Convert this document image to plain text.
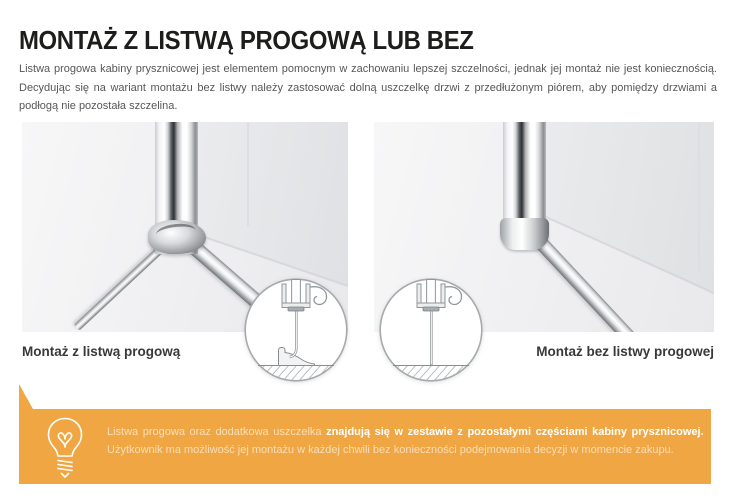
MONTAŻ Z LISTWĄ PROGOWĄ LUB BEZ

Listwa progowa kabiny prysznicowej jest elementem pomocnym w zachowaniu lepszej szczelności, jednak jej montaż nie jest koniecznością. Decydując się na wariant montażu bez listwy należy zastosować dolną uszczelkę drzwi z przedłużonym piórem, aby pomiędzy drzwiami a podłogą nie pozostała szczelina.

Montaż z listwą progową	Montaż bez listwy progowej
Listwa progowa oraz dodatkowa uszczelka znajdują się w zestawie z pozostałymi częściami kabiny prysznicowej.
Użytkownik ma możliwość jej montażu w każdej chwili bez konieczności podejmowania decyzji w momencie zakupu.
